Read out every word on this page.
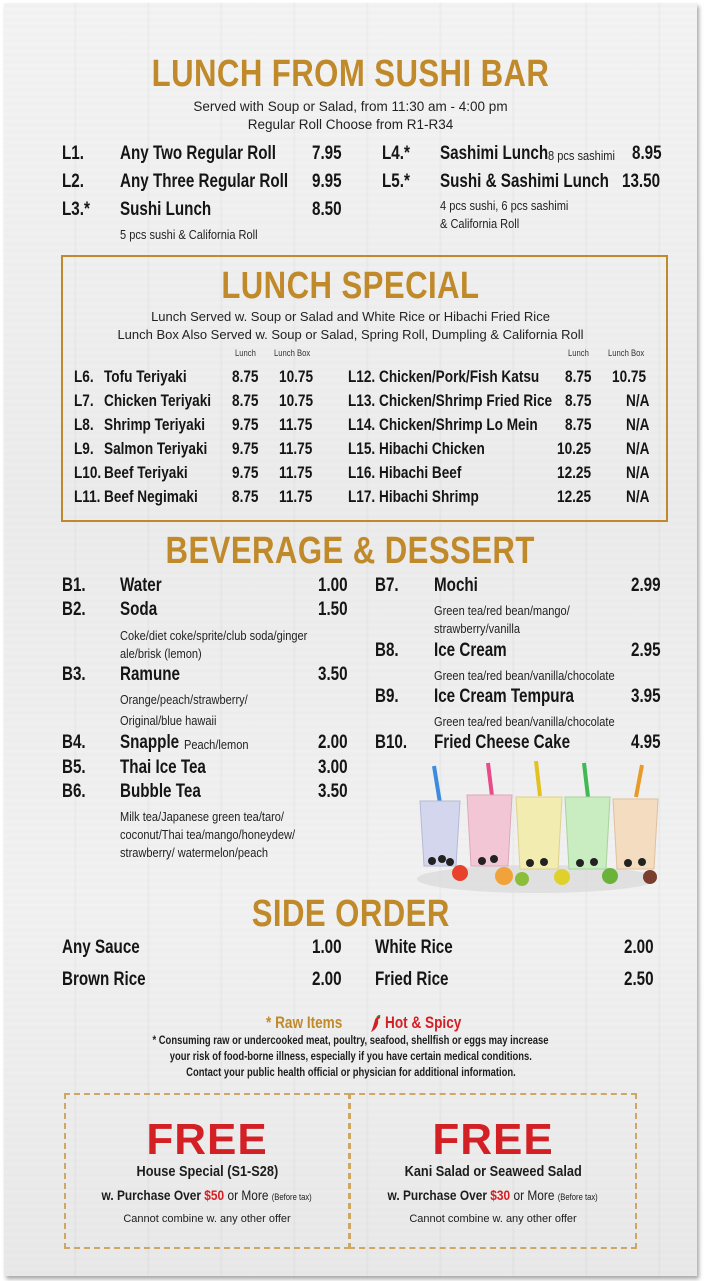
LUNCH FROM SUSHI BAR
Served with Soup or Salad, from 11:30 am - 4:00 pm
Regular Roll Choose from R1-R34
L1. Any Two Regular Roll 7.95
L2. Any Three Regular Roll 9.95
L3.* Sushi Lunch	8.50
5 pcs sushi & California Roll
L4.* Sashimi Lunch 8 pcs sashimi 8.95
L5.* Sushi & Sashimi Lunch 13.50
4 pcs sushi, 6 pcs sashimi
& California Roll
LUNCH SPECIAL
Lunch Served w. Soup or Salad and White Rice or Hibachi Fried Rice
Lunch Box Also Served w. Soup or Salad, Spring Roll, Dumpling & California Roll
Lunch Lunch Box	Lunch Lunch Box
L6. Tofu Teriyaki	8.75 10.75
L7. Chicken Teriyaki 8.75 10.75
L8. Shrimp Teriyaki 9.75 11.75
L9. Salmon Teriyaki 9.75 11.75
L10. Beef Teriyaki	9.75 11.75
L11. Beef Negimaki 8.75 11.75
L12. Chicken/Pork/Fish Katsu 8.75 10.75
L13. Chicken/Shrimp Fried Rice 8.75 N/A
L14. Chicken/Shrimp Lo Mein 8.75 N/A
L15. Hibachi Chicken	10.25 N/A
L16. Hibachi Beef	12.25 N/A
L17. Hibachi Shrimp	12.25 N/A
BEVERAGE & DESSERT
B1. Water	1.00
B2. Soda	1.50
Coke/diet coke/sprite/club soda/ginger
ale/brisk (lemon)
B3. Ramune	3.50
Orange/peach/strawberry/
Original/blue hawaii
B4. Snapple Peach/lemon	2.00
B5. Thai Ice Tea	3.00
B6. Bubble Tea	3.50
Milk tea/Japanese green tea/taro/
coconut/Thai tea/mango/honeydew/
strawberry/ watermelon/peach
B7. Mochi	2.99
Green tea/red bean/mango/
strawberry/vanilla
B8. Ice Cream	2.95
Green tea/red bean/vanilla/chocolate
B9. Ice Cream Tempura	3.95
Green tea/red bean/vanilla/chocolate
B10. Fried Cheese Cake	4.95
SIDE ORDER
Any Sauce	1.00
Brown Rice	2.00
White Rice	2.00
Fried Rice	2.50
* Raw Items	Hot & Spicy
* Consuming raw or undercooked meat, poultry, seafood, shellfish or eggs may increase
your risk of food-borne illness, especially if you have certain medical conditions.
Contact your public health official or physician for additional information.
FREE
House Special (S1-S28)
w. Purchase Over $50 or More (Before tax)
Cannot combine w. any other offer
FREE
Kani Salad or Seaweed Salad
w. Purchase Over $30 or More (Before tax)
Cannot combine w. any other offer
